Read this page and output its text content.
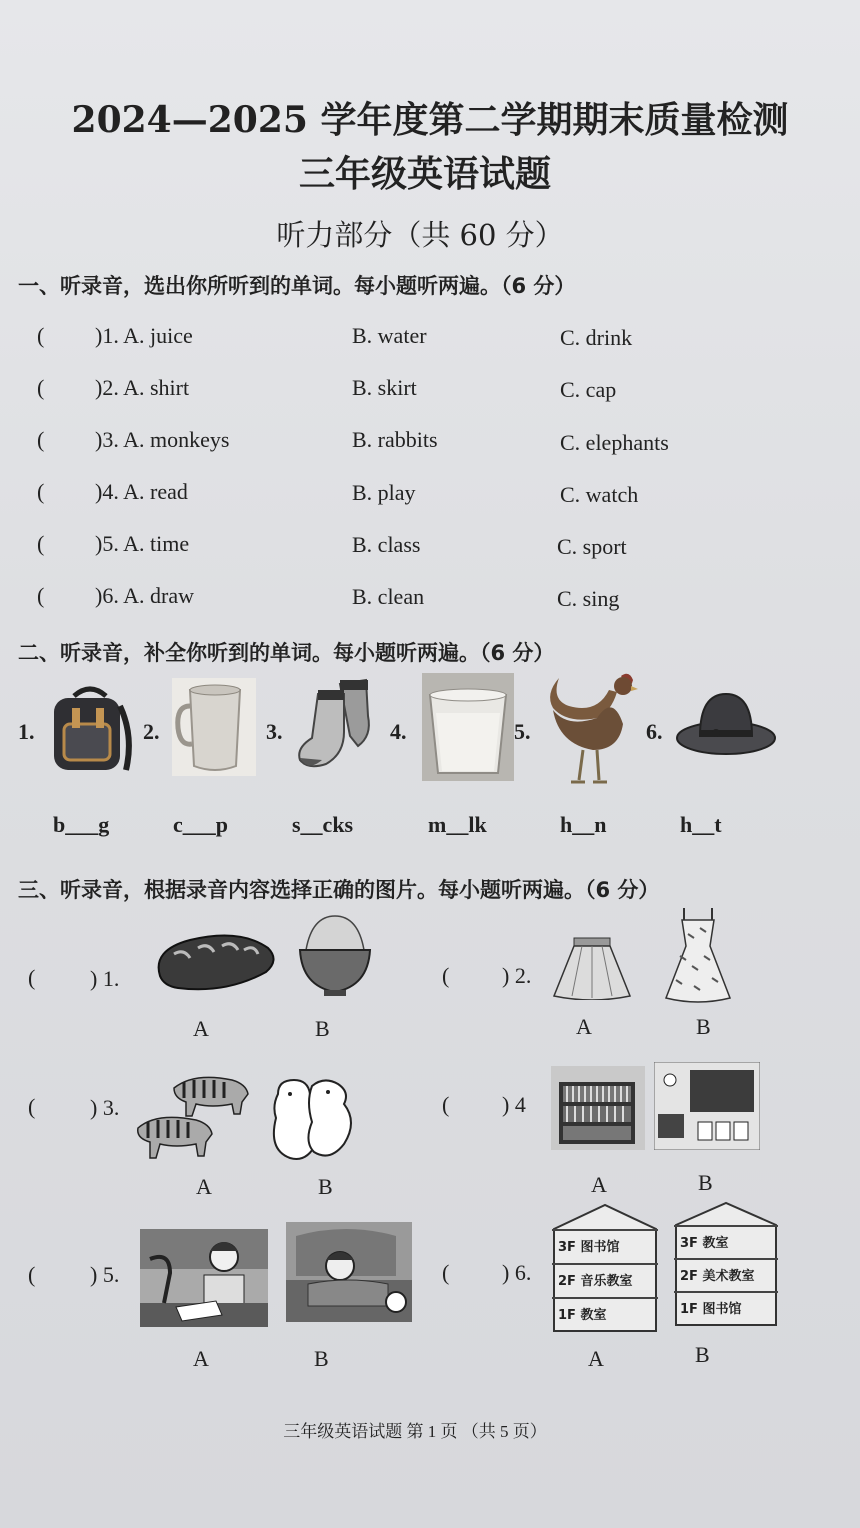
2024—2025 学年度第二学期期末质量检测
三年级英语试题
听力部分（共 60 分）
一、听录音，选出你所听到的单词。每小题听两遍。（6 分）
( )1. A. juice	B. water	C. drink
( )2. A. shirt	B. skirt	C. cap
( )3. A. monkeys	B. rabbits	C. elephants
( )4. A. read	B. play	C. watch
( )5. A. time	B. class	C. sport
( )6. A. draw	B. clean	C. sing
二、听录音，补全你听到的单词。每小题听两遍。（6 分）
1.	2.	3.	4.	5.	6.
b___g	c___p	s__cks	m__lk	h__n	h__t
三、听录音，根据录音内容选择正确的图片。每小题听两遍。（6 分）
( ) 1.
A	B
( ) 2.
A	B
( ) 3.
A	B
( ) 4
A	B
( ) 5.
A	B
( ) 6.
3F 图书馆
2F 音乐教室
1F 教室
A
3F 教室
2F 美术教室
1F 图书馆
B
三年级英语试题 第 1 页 （共 5 页）
